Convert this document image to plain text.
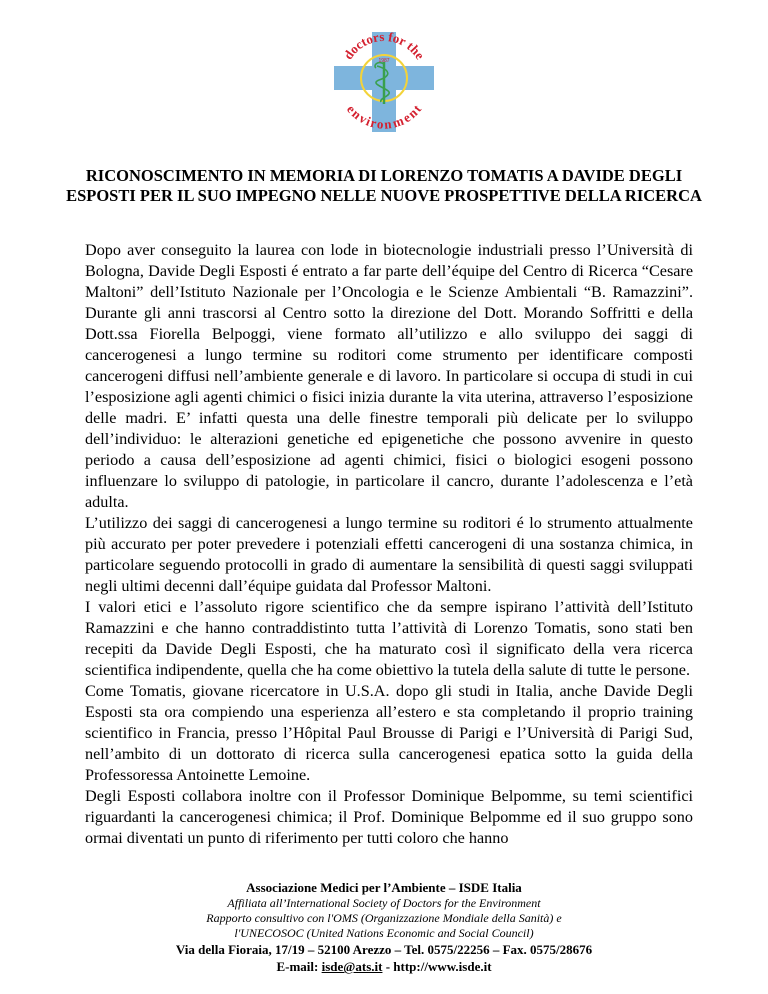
doctors for the
1987
environment
RICONOSCIMENTO IN MEMORIA DI LORENZO TOMATIS A DAVIDE DEGLI ESPOSTI PER IL SUO IMPEGNO NELLE NUOVE PROSPETTIVE DELLA RICERCA

Dopo aver conseguito la laurea con lode in biotecnologie industriali presso l’Università di Bologna, Davide Degli Esposti é entrato a far parte dell’équipe del Centro di Ricerca “Cesare Maltoni” dell’Istituto Nazionale per l’Oncologia e le Scienze Ambientali “B. Ramazzini”. Durante gli anni trascorsi al Centro sotto la direzione del Dott. Morando Soffritti e della Dott.ssa Fiorella Belpoggi, viene formato all’utilizzo e allo sviluppo dei saggi di cancerogenesi a lungo termine su roditori come strumento per identificare composti cancerogeni diffusi nell’ambiente generale e di lavoro. In particolare si occupa di studi in cui l’esposizione agli agenti chimici o fisici inizia durante la vita uterina, attraverso l’esposizione delle madri. E’ infatti questa una delle finestre temporali più delicate per lo sviluppo dell’individuo: le alterazioni genetiche ed epigenetiche che possono avvenire in questo periodo a causa dell’esposizione ad agenti chimici, fisici o biologici esogeni possono influenzare lo sviluppo di patologie, in particolare il cancro, durante l’adolescenza e l’età adulta.

L’utilizzo dei saggi di cancerogenesi a lungo termine su roditori é lo strumento attualmente più accurato per poter prevedere i potenziali effetti cancerogeni di una sostanza chimica, in particolare seguendo protocolli in grado di aumentare la sensibilità di questi saggi sviluppati negli ultimi decenni dall’équipe guidata dal Professor Maltoni.

I valori etici e l’assoluto rigore scientifico che da sempre ispirano l’attività dell’Istituto Ramazzini e che hanno contraddistinto tutta l’attività di Lorenzo Tomatis, sono stati ben recepiti da Davide Degli Esposti, che ha maturato così il significato della vera ricerca scientifica indipendente, quella che ha come obiettivo la tutela della salute di tutte le persone.

Come Tomatis, giovane ricercatore in U.S.A. dopo gli studi in Italia, anche Davide Degli Esposti sta ora compiendo una esperienza all’estero e sta completando il proprio training scientifico in Francia, presso l’Hôpital Paul Brousse di Parigi e l’Università di Parigi Sud, nell’ambito di un dottorato di ricerca sulla cancerogenesi epatica sotto la guida della Professoressa Antoinette Lemoine.

Degli Esposti collabora inoltre con il Professor Dominique Belpomme, su temi scientifici riguardanti la cancerogenesi chimica; il Prof. Dominique Belpomme ed il suo gruppo sono ormai diventati un punto di riferimento per tutti coloro che hanno

Associazione Medici per l’Ambiente – ISDE Italia
Affiliata all’International Society of Doctors for the Environment
Rapporto consultivo con l'OMS (Organizzazione Mondiale della Sanità) e
l'UNECOSOC (United Nations Economic and Social Council)
Via della Fioraia, 17/19 – 52100 Arezzo – Tel. 0575/22256 – Fax. 0575/28676
E-mail: isde@ats.it - http://www.isde.it
